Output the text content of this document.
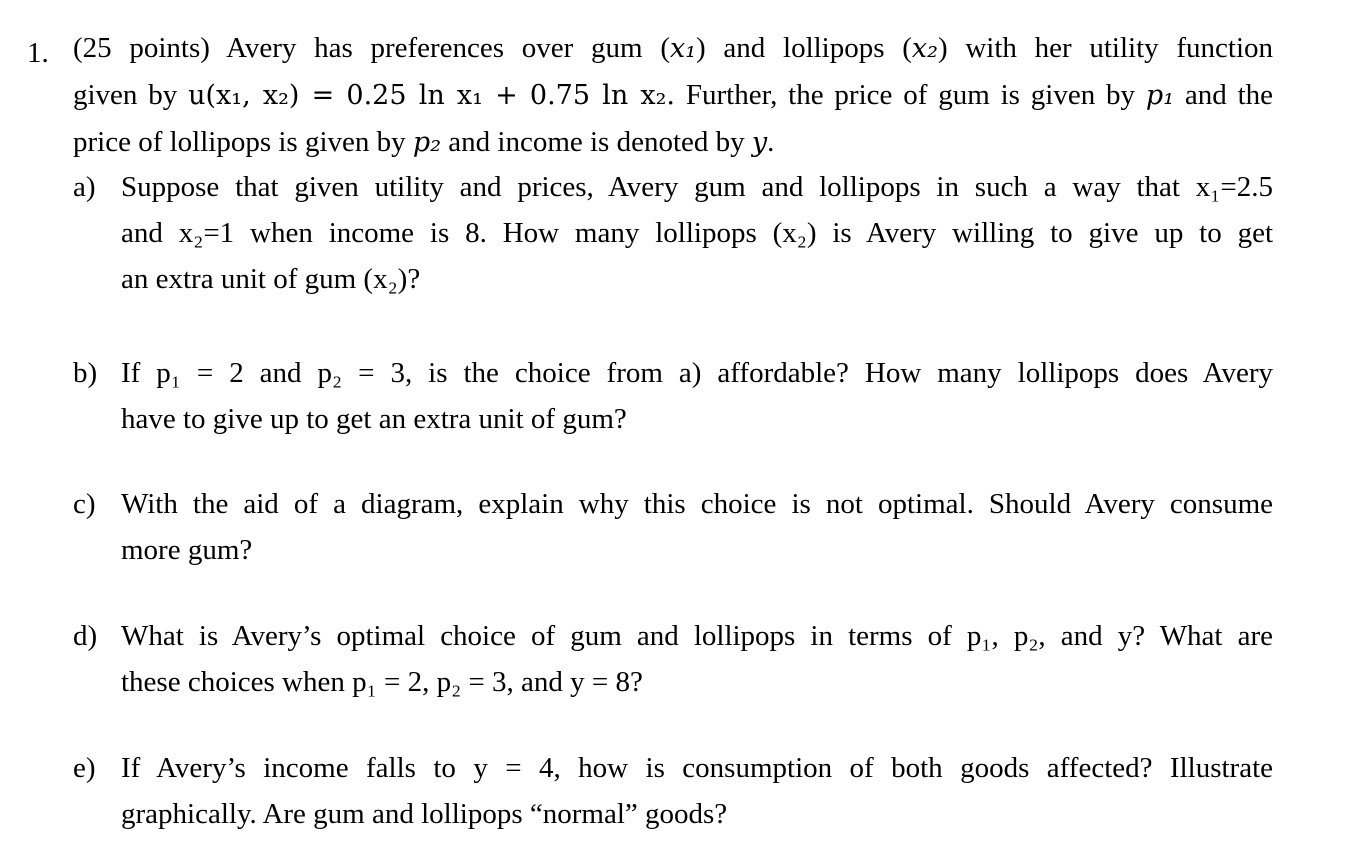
1. (25 points) Avery has preferences over gum (x₁) and lollipops (x₂) with her utility function
given by u(x₁, x₂) = 0.25 ln x₁ + 0.75 ln x₂. Further, the price of gum is given by p₁ and the
price of lollipops is given by p₂ and income is denoted by y.
a) Suppose that given utility and prices, Avery gum and lollipops in such a way that x₁=2.5
and x₂=1 when income is 8. How many lollipops (x₂) is Avery willing to give up to get
an extra unit of gum (x₂)?
b) If p₁ = 2 and p₂ = 3, is the choice from a) affordable? How many lollipops does Avery
have to give up to get an extra unit of gum?
c) With the aid of a diagram, explain why this choice is not optimal. Should Avery consume
more gum?
d) What is Avery’s optimal choice of gum and lollipops in terms of p₁, p₂, and y? What are
these choices when p₁ = 2, p₂ = 3, and y = 8?
e) If Avery’s income falls to y = 4, how is consumption of both goods affected? Illustrate
graphically. Are gum and lollipops “normal” goods?
